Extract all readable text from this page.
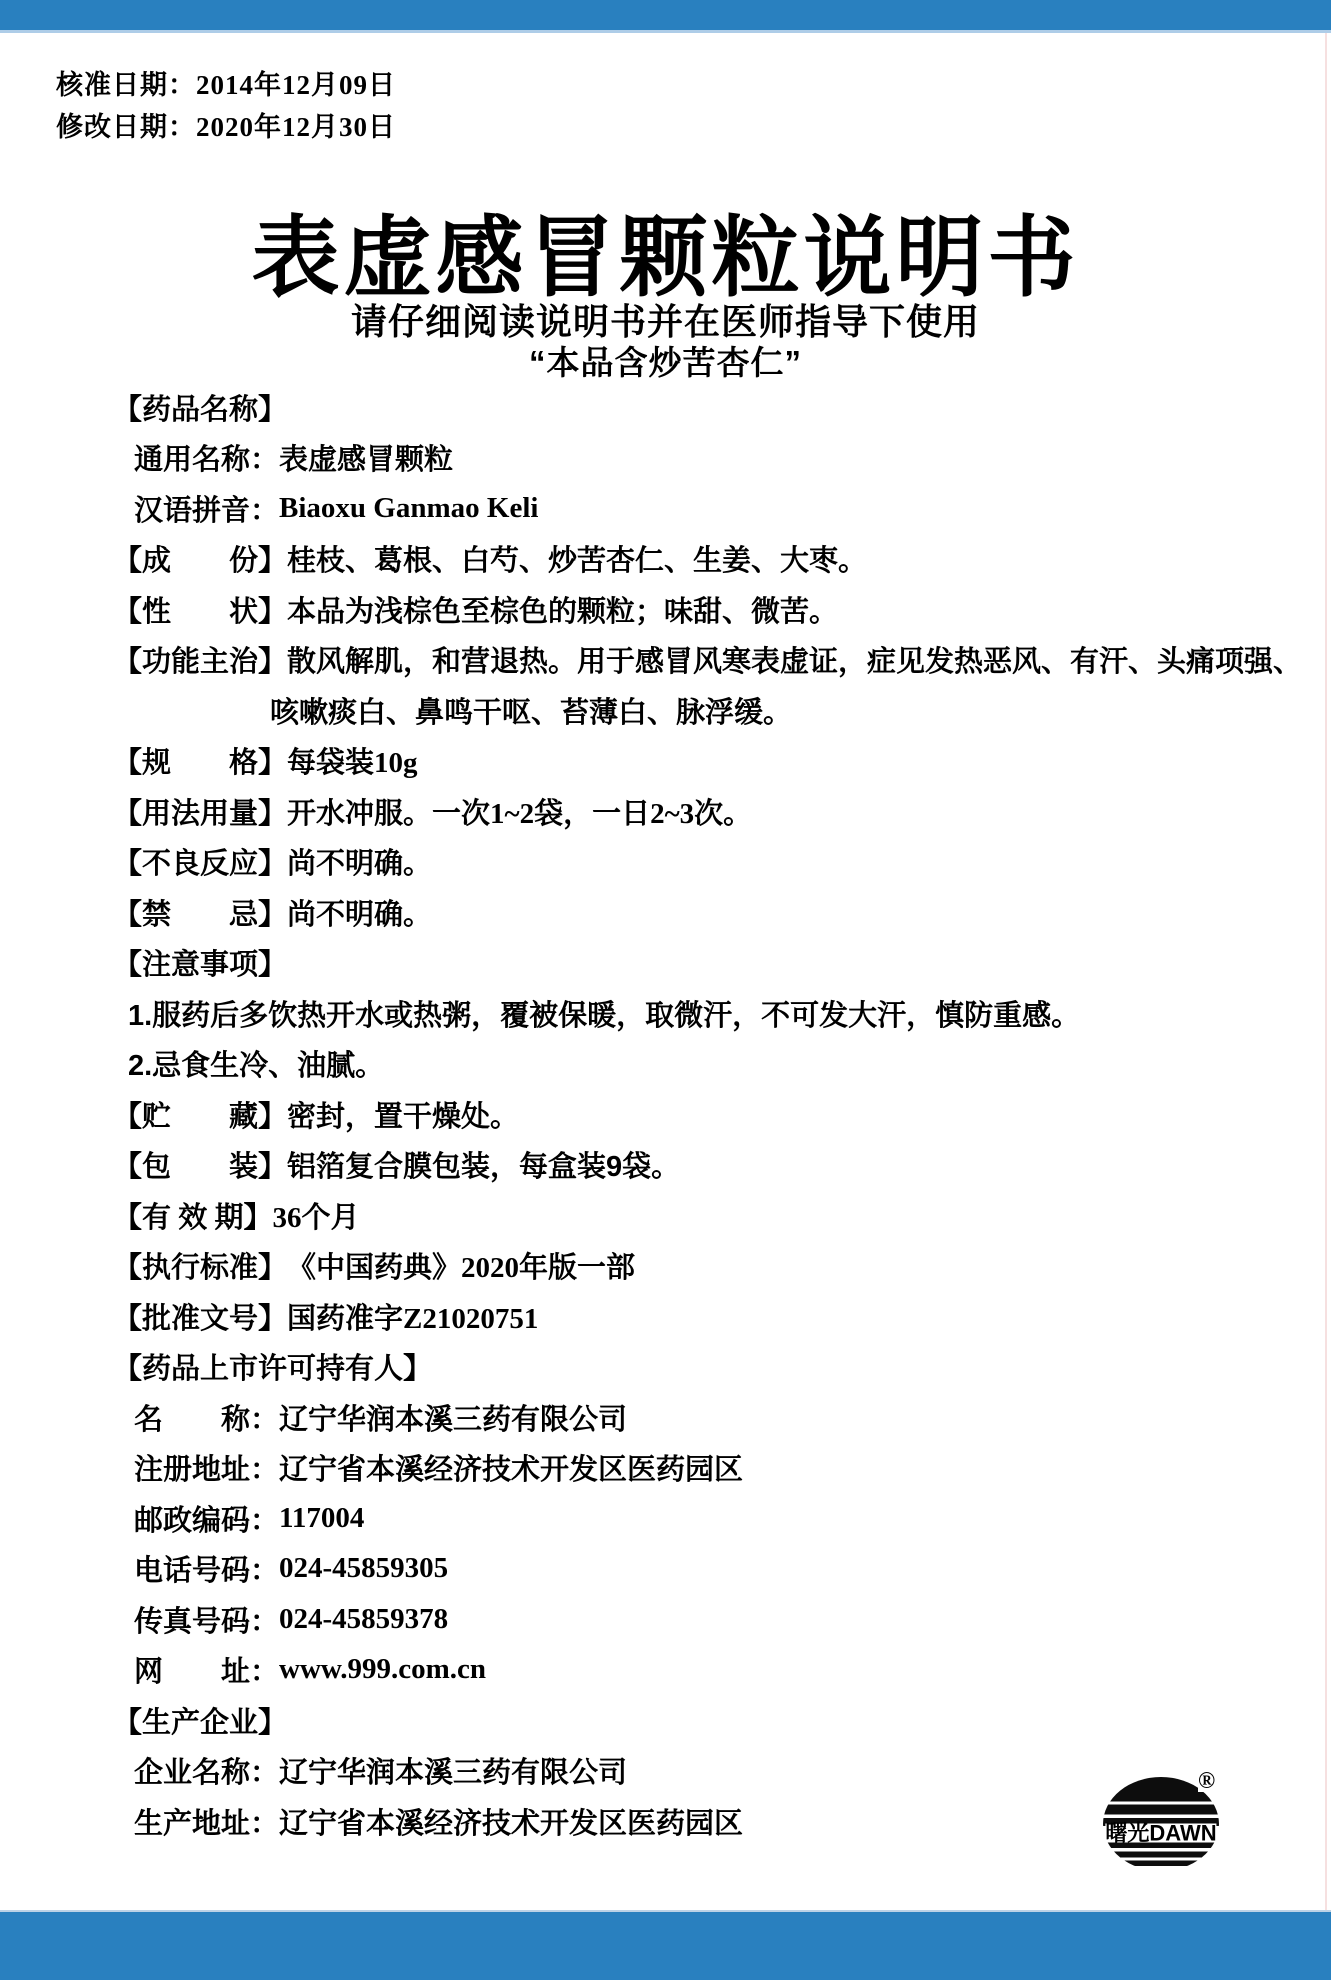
核准日期：2014年12月09日
修改日期：2020年12月30日
表虚感冒颗粒说明书
请仔细阅读说明书并在医师指导下使用
“本品含炒苦杏仁”
【药品名称】
通用名称： 表虚感冒颗粒
汉语拼音： Biaoxu Ganmao Keli
【成　　份】 桂枝、葛根、白芍、炒苦杏仁、生姜、大枣。
【性　　状】 本品为浅棕色至棕色的颗粒；味甜、微苦。
【功能主治】 散风解肌，和营退热。用于感冒风寒表虚证，症见发热恶风、有汗、头痛项强、
咳嗽痰白、鼻鸣干呕、苔薄白、脉浮缓。
【规　　格】 每袋装10g
【用法用量】 开水冲服。一次1~2袋，一日2~3次。
【不良反应】 尚不明确。
【禁　　忌】 尚不明确。
【注意事项】
1.服药后多饮热开水或热粥，覆被保暖，取微汗，不可发大汗，慎防重感。
2.忌食生冷、油腻。
【贮　　藏】 密封，置干燥处。
【包　　装】 铝箔复合膜包装，每盒装9袋。
【有 效 期】 36个月
【执行标准】 《中国药典》2020年版一部
【批准文号】 国药准字Z21020751
【药品上市许可持有人】
名　　称： 辽宁华润本溪三药有限公司
注册地址： 辽宁省本溪经济技术开发区医药园区
邮政编码： 117004
电话号码： 024-45859305
传真号码： 024-45859378
网　　址： www.999.com.cn
【生产企业】
企业名称： 辽宁华润本溪三药有限公司
生产地址： 辽宁省本溪经济技术开发区医药园区	曙光DAWN
®
